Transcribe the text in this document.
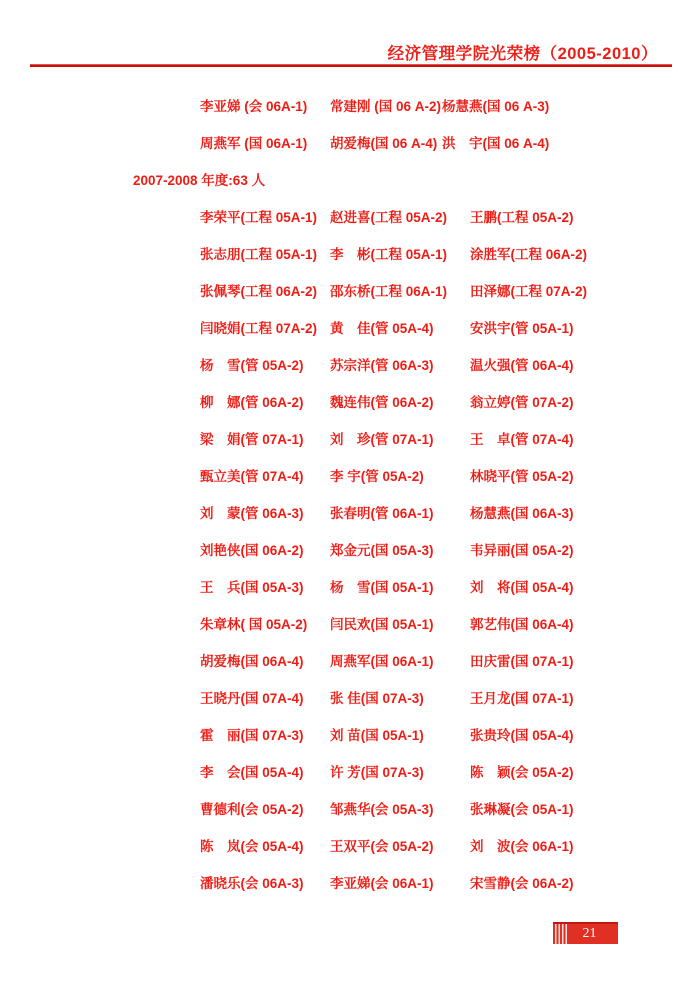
经济管理学院光荣榜（2005-2010）
李亚娣 (会 06A-1) 常建刚 (国 06 A-2)杨慧燕(国 06 A-3)
周燕军 (国 06A-1) 胡爱梅(国 06 A-4) 洪　宇(国 06 A-4)
2007-2008 年度:63 人
李荣平(工程 05A-1) 赵进喜(工程 05A-2) 王鹏(工程 05A-2)
张志朋(工程 05A-1) 李　彬(工程 05A-1) 涂胜军(工程 06A-2)
张佩琴(工程 06A-2) 邵东桥(工程 06A-1) 田泽娜(工程 07A-2)
闫晓娟(工程 07A-2) 黄　佳(管 05A-4)	安洪宇(管 05A-1)
杨　雪(管 05A-2) 苏宗洋(管 06A-3)	温火强(管 06A-4)
柳　娜(管 06A-2) 魏连伟(管 06A-2)	翁立婷(管 07A-2)
梁　娟(管 07A-1) 刘　珍(管 07A-1)	王　卓(管 07A-4)
甄立美(管 07A-4) 李 宇(管 05A-2)	林晓平(管 05A-2)
刘　蒙(管 06A-3) 张春明(管 06A-1)	杨慧燕(国 06A-3)
刘艳侠(国 06A-2) 郑金元(国 05A-3)	韦异丽(国 05A-2)
王　兵(国 05A-3) 杨　雪(国 05A-1)	刘　将(国 05A-4)
朱章林( 国 05A-2) 闫民欢(国 05A-1)	郭艺伟(国 06A-4)
胡爱梅(国 06A-4) 周燕军(国 06A-1)	田庆雷(国 07A-1)
王晓丹(国 07A-4) 张 佳(国 07A-3)	王月龙(国 07A-1)
霍　丽(国 07A-3) 刘 苗(国 05A-1)	张贵玲(国 05A-4)
李　会(国 05A-4) 许 芳(国 07A-3)	陈　颖(会 05A-2)
曹德利(会 05A-2) 邹燕华(会 05A-3)	张琳凝(会 05A-1)
陈　岚(会 05A-4) 王双平(会 05A-2)	刘　波(会 06A-1)
潘晓乐(会 06A-3) 李亚娣(会 06A-1)	宋雪静(会 06A-2)
21
